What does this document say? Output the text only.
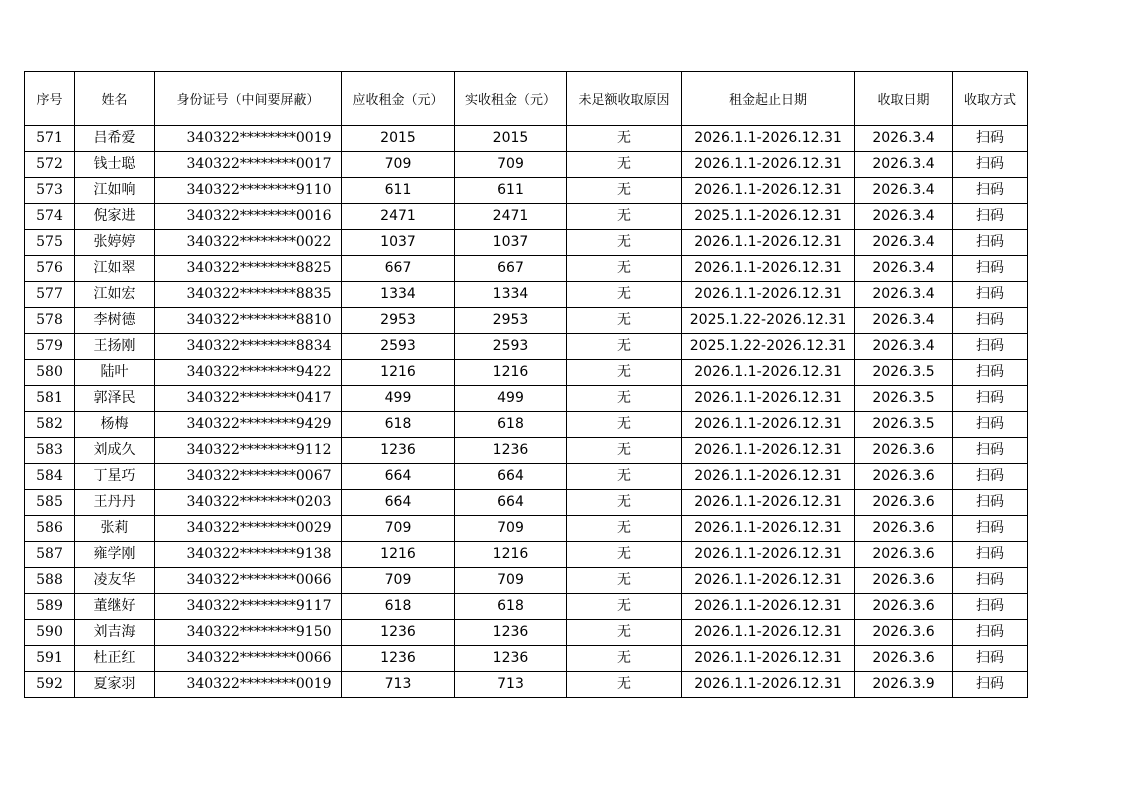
序号	姓名	身份证号（中间要屏蔽）	应收租金（元）	实收租金（元）	未足额收取原因	租金起止日期	收取日期	收取方式
571	吕希爱	340322********0019	2015	2015	无	2026.1.1-2026.12.31	2026.3.4	扫码
572	钱士聪	340322********0017	709	709	无	2026.1.1-2026.12.31	2026.3.4	扫码
573	江如响	340322********9110	611	611	无	2026.1.1-2026.12.31	2026.3.4	扫码
574	倪家进	340322********0016	2471	2471	无	2025.1.1-2026.12.31	2026.3.4	扫码
575	张婷婷	340322********0022	1037	1037	无	2026.1.1-2026.12.31	2026.3.4	扫码
576	江如翠	340322********8825	667	667	无	2026.1.1-2026.12.31	2026.3.4	扫码
577	江如宏	340322********8835	1334	1334	无	2026.1.1-2026.12.31	2026.3.4	扫码
578	李树德	340322********8810	2953	2953	无	2025.1.22-2026.12.31	2026.3.4	扫码
579	王扬刚	340322********8834	2593	2593	无	2025.1.22-2026.12.31	2026.3.4	扫码
580	陆叶	340322********9422	1216	1216	无	2026.1.1-2026.12.31	2026.3.5	扫码
581	郭泽民	340322********0417	499	499	无	2026.1.1-2026.12.31	2026.3.5	扫码
582	杨梅	340322********9429	618	618	无	2026.1.1-2026.12.31	2026.3.5	扫码
583	刘成久	340322********9112	1236	1236	无	2026.1.1-2026.12.31	2026.3.6	扫码
584	丁星巧	340322********0067	664	664	无	2026.1.1-2026.12.31	2026.3.6	扫码
585	王丹丹	340322********0203	664	664	无	2026.1.1-2026.12.31	2026.3.6	扫码
586	张莉	340322********0029	709	709	无	2026.1.1-2026.12.31	2026.3.6	扫码
587	雍学刚	340322********9138	1216	1216	无	2026.1.1-2026.12.31	2026.3.6	扫码
588	凌友华	340322********0066	709	709	无	2026.1.1-2026.12.31	2026.3.6	扫码
589	董继好	340322********9117	618	618	无	2026.1.1-2026.12.31	2026.3.6	扫码
590	刘吉海	340322********9150	1236	1236	无	2026.1.1-2026.12.31	2026.3.6	扫码
591	杜正红	340322********0066	1236	1236	无	2026.1.1-2026.12.31	2026.3.6	扫码
592	夏家羽	340322********0019	713	713	无	2026.1.1-2026.12.31	2026.3.9	扫码
